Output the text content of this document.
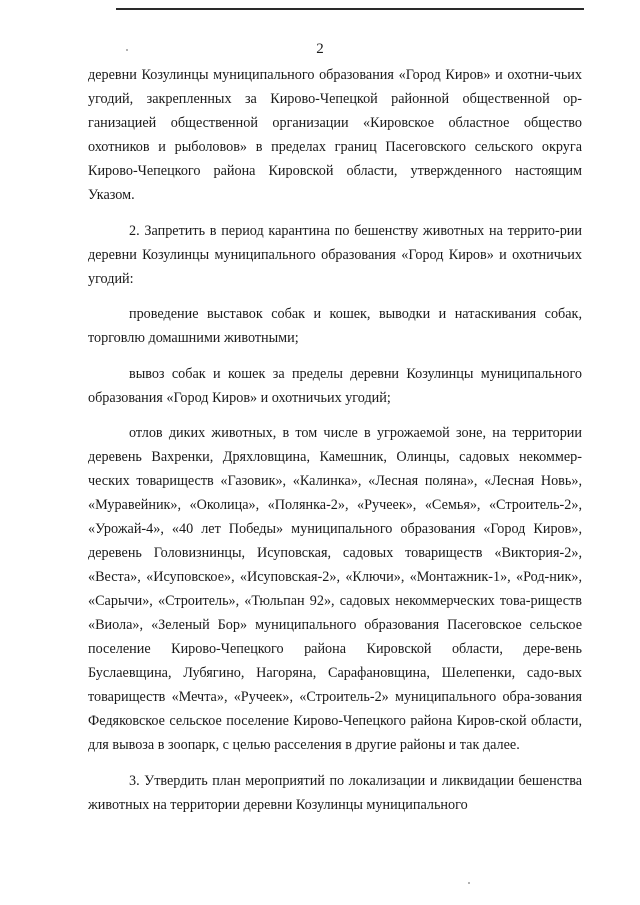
2

деревни Козулинцы муниципального образования «Город Киров» и охотни-чьих угодий, закрепленных за Кирово-Чепецкой районной общественной ор-ганизацией общественной организации «Кировское областное общество охотников и рыболовов» в пределах границ Пасеговского сельского округа Кирово-Чепецкого района Кировской области, утвержденного настоящим Указом.

2. Запретить в период карантина по бешенству животных на террито-рии деревни Козулинцы муниципального образования «Город Киров» и охотничьих угодий:

проведение выставок собак и кошек, выводки и натаскивания собак, торговлю домашними животными;

вывоз собак и кошек за пределы деревни Козулинцы муниципального образования «Город Киров» и охотничьих угодий;

отлов диких животных, в том числе в угрожаемой зоне, на территории деревень Вахренки, Дряхловщина, Камешник, Олинцы, садовых некоммер-ческих товариществ «Газовик», «Калинка», «Лесная поляна», «Лесная Новь», «Муравейник», «Околица», «Полянка-2», «Ручеек», «Семья», «Строитель-2», «Урожай-4», «40 лет Победы» муниципального образования «Город Киров», деревень Головизнинцы, Исуповская, садовых товариществ «Виктория-2», «Веста», «Исуповское», «Исуповская-2», «Ключи», «Монтажник-1», «Род-ник», «Сарычи», «Строитель», «Тюльпан 92», садовых некоммерческих това-риществ «Виола», «Зеленый Бор» муниципального образования Пасеговское сельское поселение Кирово-Чепецкого района Кировской области, дере-вень Буслаевщина, Лубягино, Нагоряна, Сарафановщина, Шелепенки, садо-вых товариществ «Мечта», «Ручеек», «Строитель-2» муниципального обра-зования Федяковское сельское поселение Кирово-Чепецкого района Киров-ской области, для вывоза в зоопарк, с целью расселения в другие районы и так далее.

3. Утвердить план мероприятий по локализации и ликвидации бешенства животных на территории деревни Козулинцы муниципального
